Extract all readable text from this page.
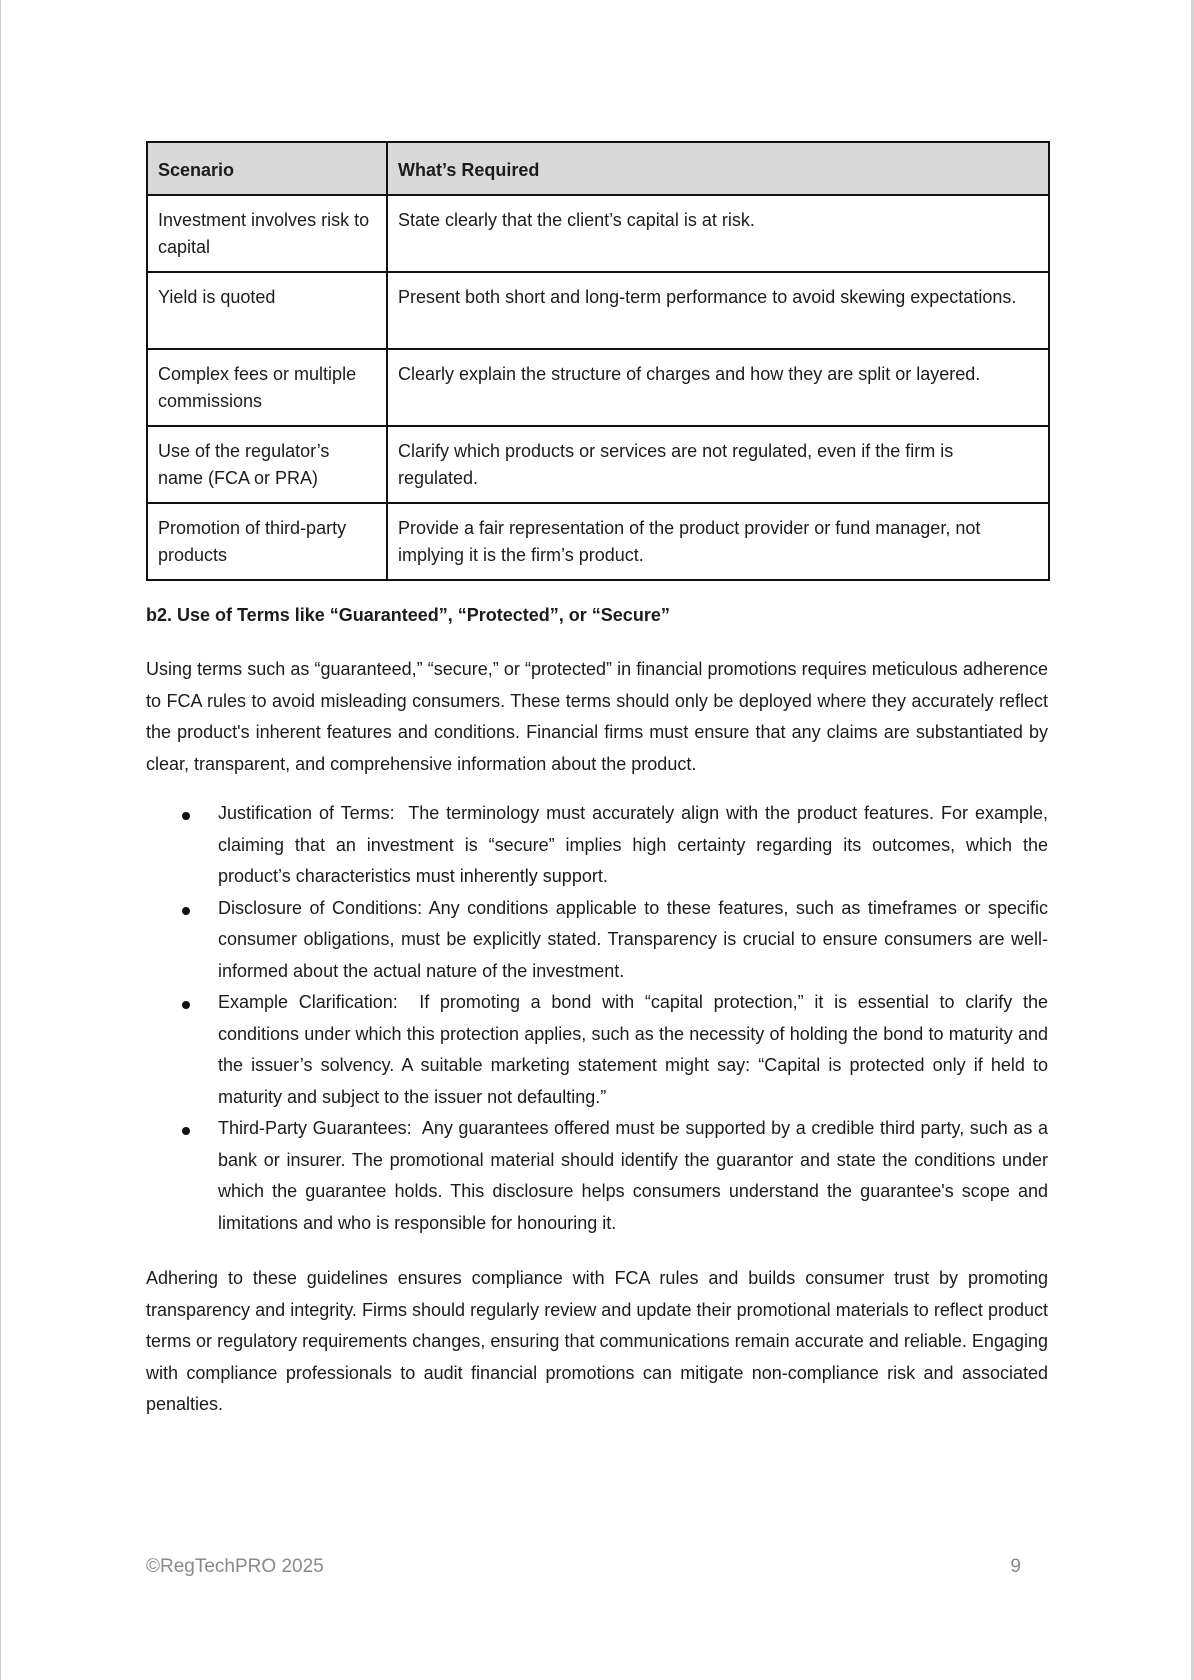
Scenario	What’s Required
Investment involves risk to capital	State clearly that the client’s capital is at risk.
Yield is quoted	Present both short and long-term performance to avoid skewing expectations.
Complex fees or multiple commissions	Clearly explain the structure of charges and how they are split or layered.
Use of the regulator’s name (FCA or PRA)	Clarify which products or services are not regulated, even if the firm is regulated.
Promotion of third-party products	Provide a fair representation of the product provider or fund manager, not implying it is the firm’s product.
b2. Use of Terms like “Guaranteed”, “Protected”, or “Secure”

Using terms such as “guaranteed,” “secure,” or “protected” in financial promotions requires meticulous adherence to FCA rules to avoid misleading consumers. These terms should only be deployed where they accurately reflect the product's inherent features and conditions. Financial firms must ensure that any claims are substantiated by clear, transparent, and comprehensive information about the product.

Justification of Terms:  The terminology must accurately align with the product features. For example, claiming that an investment is “secure” implies high certainty regarding its outcomes, which the product’s characteristics must inherently support.
Disclosure of Conditions: Any conditions applicable to these features, such as timeframes or specific consumer obligations, must be explicitly stated. Transparency is crucial to ensure consumers are well-informed about the actual nature of the investment.
Example Clarification:  If promoting a bond with “capital protection,” it is essential to clarify the conditions under which this protection applies, such as the necessity of holding the bond to maturity and the issuer’s solvency. A suitable marketing statement might say: “Capital is protected only if held to maturity and subject to the issuer not defaulting.”
Third-Party Guarantees:  Any guarantees offered must be supported by a credible third party, such as a bank or insurer. The promotional material should identify the guarantor and state the conditions under which the guarantee holds. This disclosure helps consumers understand the guarantee's scope and limitations and who is responsible for honouring it.

Adhering to these guidelines ensures compliance with FCA rules and builds consumer trust by promoting transparency and integrity. Firms should regularly review and update their promotional materials to reflect product terms or regulatory requirements changes, ensuring that communications remain accurate and reliable. Engaging with compliance professionals to audit financial promotions can mitigate non-compliance risk and associated penalties.

©RegTechPRO 2025	9
